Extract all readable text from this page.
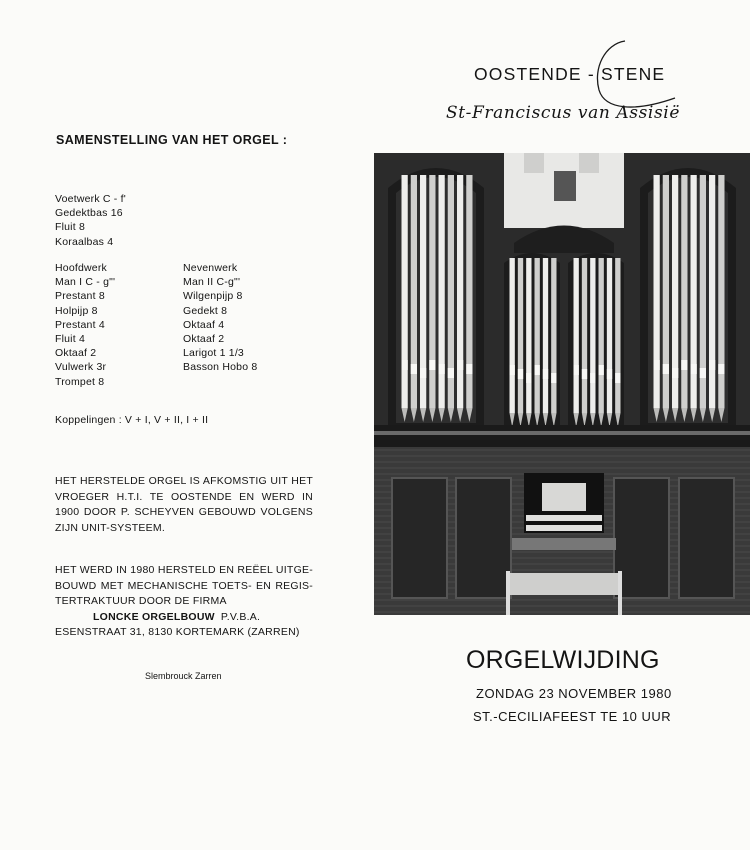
OOSTENDE - STENE
St-Franciscus van Assisië
SAMENSTELLING VAN HET ORGEL :
Voetwerk C - f'
Gedektbas 16
Fluit 8
Koraalbas 4
Hoofdwerk
Man I C - g"'
Prestant 8
Holpijp 8
Prestant 4
Fluit 4
Oktaaf 2
Vulwerk 3r
Trompet 8
Nevenwerk
Man II C-g"'
Wilgenpijp 8
Gedekt 8
Oktaaf 4
Oktaaf 2
Larigot 1 1/3
Basson Hobo 8
Koppelingen : V + I, V + II, I + II
HET HERSTELDE ORGEL IS AFKOMSTIG UIT HET VROEGER H.T.I. TE OOSTENDE EN WERD IN 1900 DOOR P. SCHEYVEN GEBOUWD VOLGENS ZIJN UNIT-SYSTEEM.
HET WERD IN 1980 HERSTELD EN REËEL UITGE-BOUWD MET MECHANISCHE TOETS- EN REGIS-TERTRAKTUUR DOOR DE FIRMA
LONCKE ORGELBOUW P.V.B.A.
ESENSTRAAT 31, 8130 KORTEMARK (ZARREN)
Slembrouck Zarren
ORGELWIJDING
ZONDAG 23 NOVEMBER 1980
ST.-CECILIAFEEST TE 10 UUR
